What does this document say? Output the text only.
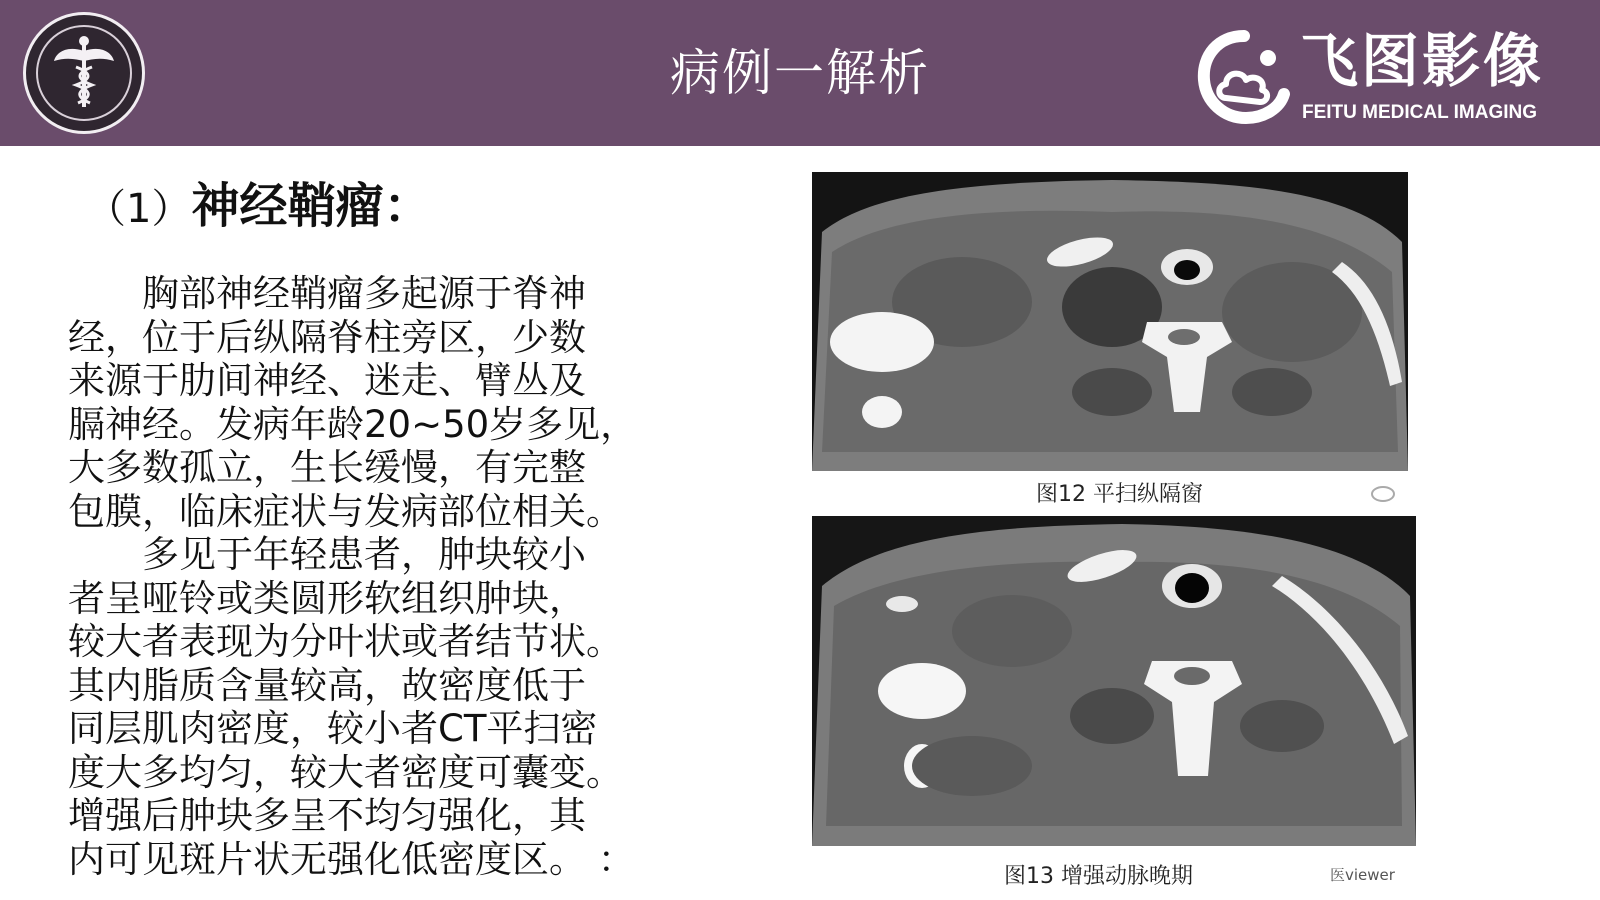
病例一解析	飞图影像
FEITU MEDICAL IMAGING
（1）神经鞘瘤：
　　胸部神经鞘瘤多起源于脊神
经，位于后纵隔脊柱旁区，少数
来源于肋间神经、迷走、臂丛及
膈神经。发病年龄20~50岁多见，
大多数孤立，生长缓慢，有完整
包膜，临床症状与发病部位相关。
　　多见于年轻患者，肿块较小
者呈哑铃或类圆形软组织肿块，
较大者表现为分叶状或者结节状。
其内脂质含量较高，故密度低于
同层肌肉密度，较小者CT平扫密
度大多均匀，较大者密度可囊变。
增强后肿块多呈不均匀强化，其
内可见斑片状无强化低密度区。 ：
图12 平扫纵隔窗
图13 增强动脉晚期	医viewer
